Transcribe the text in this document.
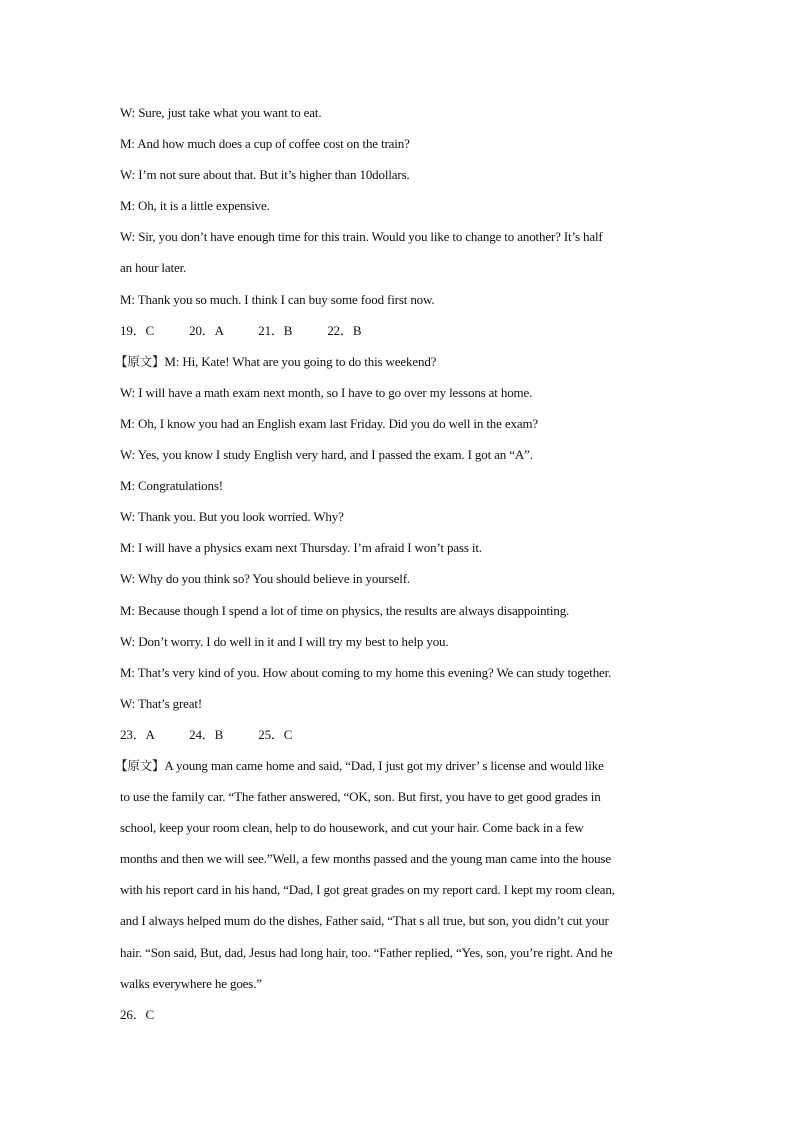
W: Sure, just take what you want to eat.
M: And how much does a cup of coffee cost on the train?
W: I’m not sure about that. But it’s higher than 10dollars.
M: Oh, it is a little expensive.
W: Sir, you don’t have enough time for this train. Would you like to change to another? It’s half
an hour later.
M: Thank you so much. I think I can buy some food first now.
19．C	20．A	21．B	22．B
【原文】M: Hi, Kate! What are you going to do this weekend?
W: I will have a math exam next month, so I have to go over my lessons at home.
M: Oh, I know you had an English exam last Friday. Did you do well in the exam?
W: Yes, you know I study English very hard, and I passed the exam. I got an “A”.
M: Congratulations!
W: Thank you. But you look worried. Why?
M: I will have a physics exam next Thursday. I’m afraid I won’t pass it.
W: Why do you think so? You should believe in yourself.
M: Because though I spend a lot of time on physics, the results are always disappointing.
W: Don’t worry. I do well in it and I will try my best to help you.
M: That’s very kind of you. How about coming to my home this evening? We can study together.
W: That’s great!
23．A	24．B	25．C
【原文】A young man came home and said, “Dad, I just got my driver’ s license and would like
to use the family car. “The father answered, “OK, son. But first, you have to get good grades in
school, keep your room clean, help to do housework, and cut your hair. Come back in a few
months and then we will see.”Well, a few months passed and the young man came into the house
with his report card in his hand, “Dad, I got great grades on my report card. I kept my room clean,
and I always helped mum do the dishes, Father said, “That s all true, but son, you didn’t cut your
hair. “Son said, But, dad, Jesus had long hair, too. “Father replied, “Yes, son, you’re right. And he
walks everywhere he goes.”
26．C
